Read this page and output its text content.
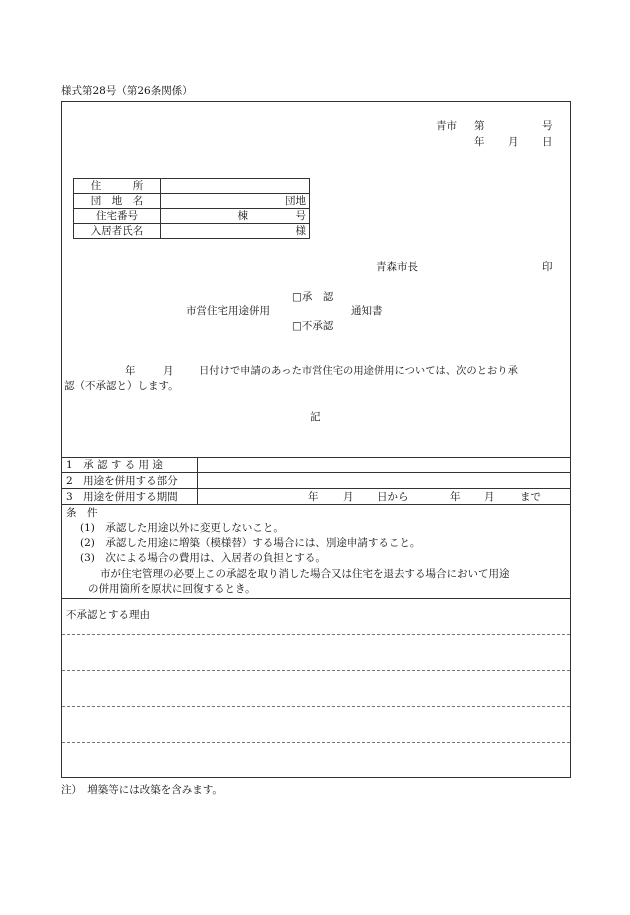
様式第28号（第26条関係）
青市 第	号
年 月 日
住　　　所	
団　地　名	団地
住宅番号	棟 号
入居者氏名	様
青森市長	印
□承　認
市営住宅用途併用	通知書
□不承認
年	月 日付けで申請のあった市営住宅の用途併用については、次のとおり承
認（不承認と）します。
記
1　承 認 す る 用 途
2　用途を併用する部分
3　用途を併用する期間	年 月 日から	年 月 まで
条　件
(1)　承認した用途以外に変更しないこと。
(2)　承認した用途に増築（模様替）する場合には、別途申請すること。
(3)　次による場合の費用は、入居者の負担とする。
市が住宅管理の必要上この承認を取り消した場合又は住宅を退去する場合において用途
の併用箇所を原状に回復するとき。
不承認とする理由
注）　増築等には改築を含みます。
